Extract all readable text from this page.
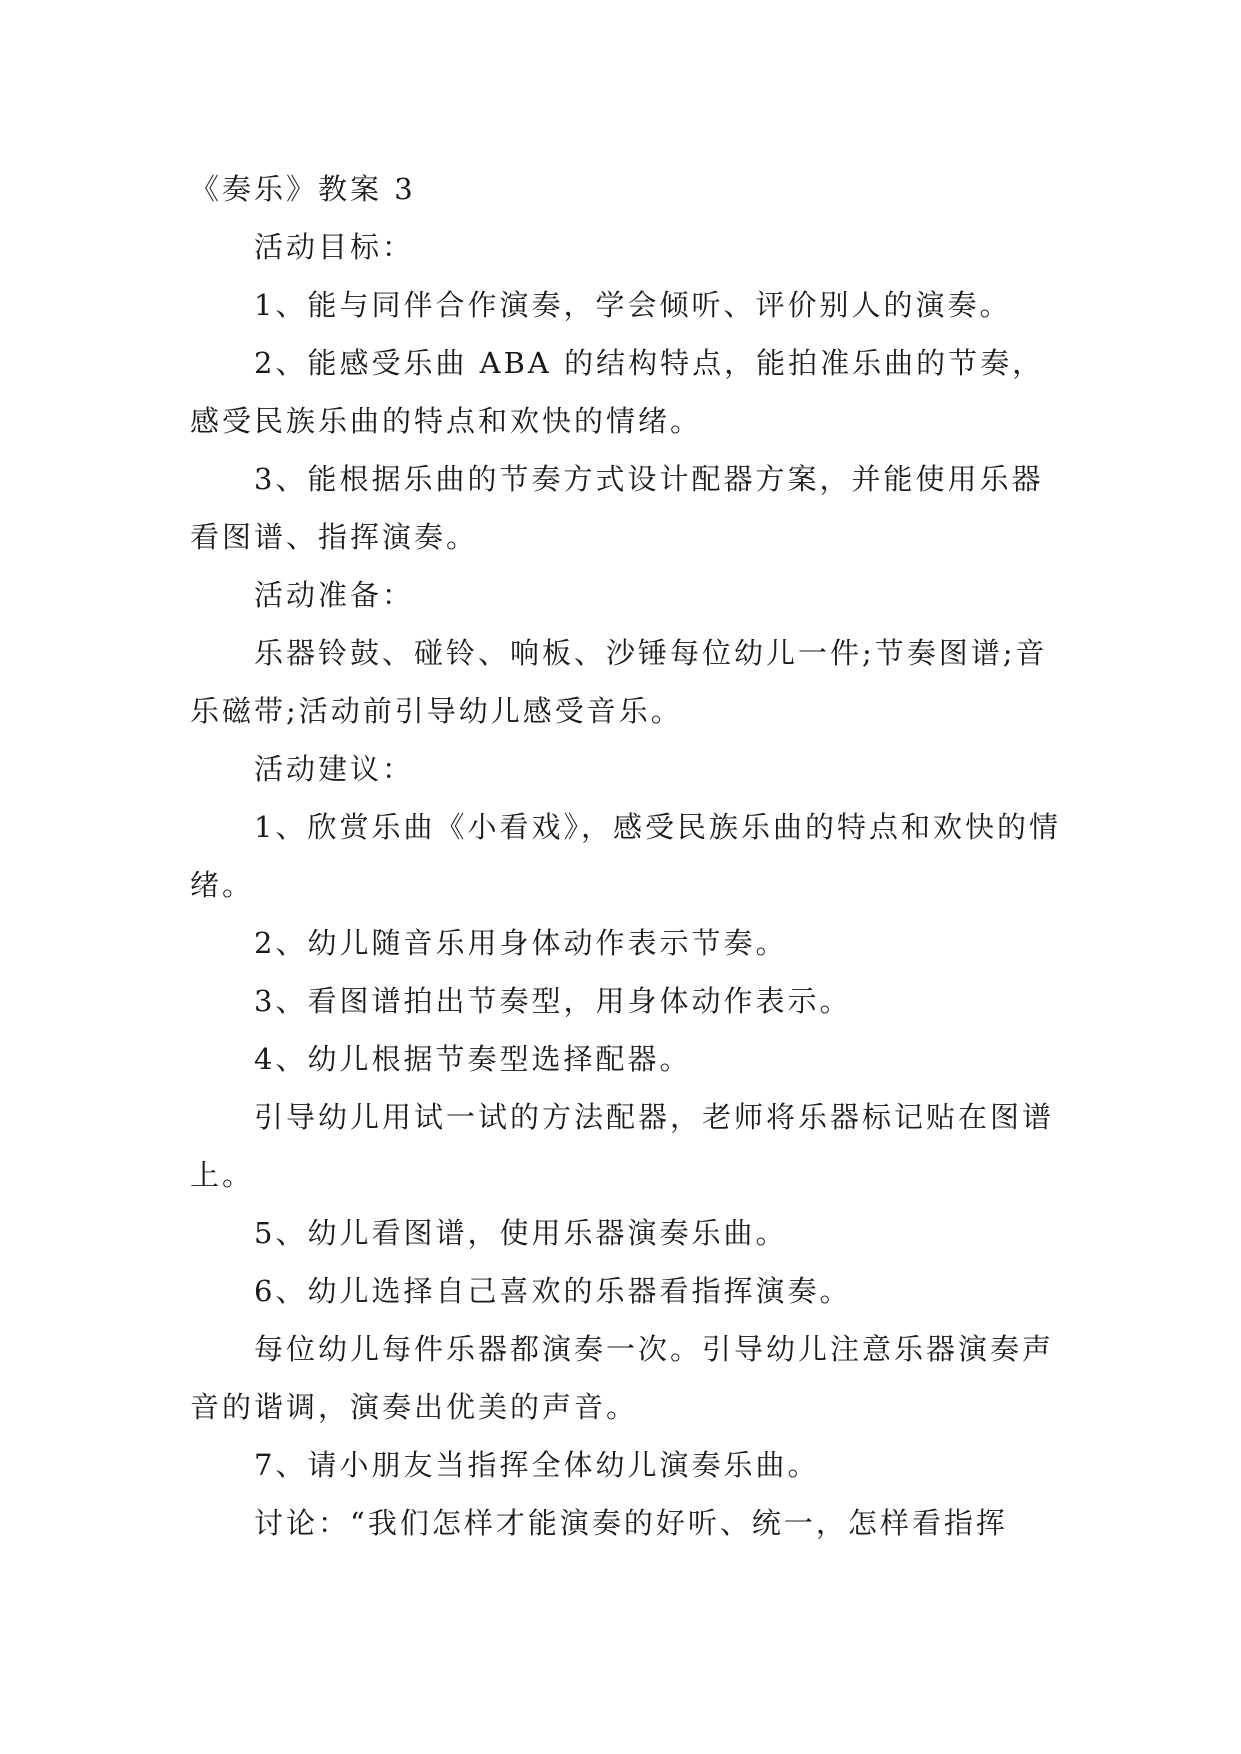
《奏乐》教案 3

活动目标：

1、能与同伴合作演奏，学会倾听、评价别人的演奏。

2、能感受乐曲 ABA 的结构特点，能拍准乐曲的节奏，感受民族乐曲的特点和欢快的情绪。

3、能根据乐曲的节奏方式设计配器方案，并能使用乐器看图谱、指挥演奏。

活动准备：

乐器铃鼓、碰铃、响板、沙锤每位幼儿一件;节奏图谱;音乐磁带;活动前引导幼儿感受音乐。

活动建议：

1、欣赏乐曲《小看戏》，感受民族乐曲的特点和欢快的情绪。

2、幼儿随音乐用身体动作表示节奏。

3、看图谱拍出节奏型，用身体动作表示。

4、幼儿根据节奏型选择配器。

引导幼儿用试一试的方法配器，老师将乐器标记贴在图谱上。

5、幼儿看图谱，使用乐器演奏乐曲。

6、幼儿选择自己喜欢的乐器看指挥演奏。

每位幼儿每件乐器都演奏一次。引导幼儿注意乐器演奏声音的谐调，演奏出优美的声音。

7、请小朋友当指挥全体幼儿演奏乐曲。

讨论：“我们怎样才能演奏的好听、统一，怎样看指挥
